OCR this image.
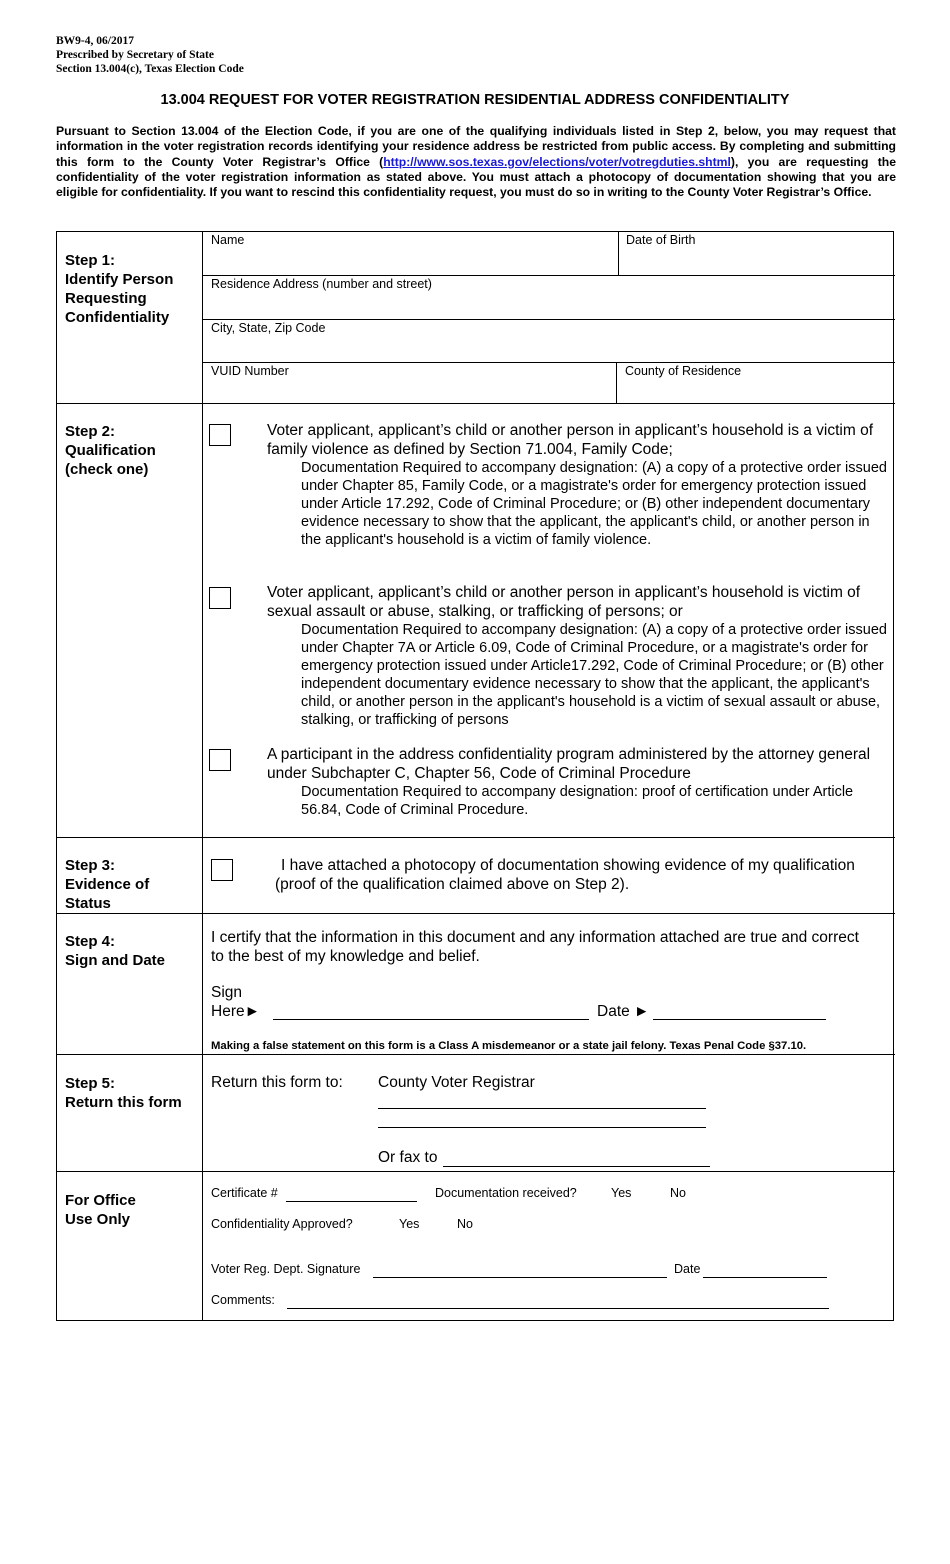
BW9-4, 06/2017
Prescribed by Secretary of State
Section 13.004(c), Texas Election Code
13.004 REQUEST FOR VOTER REGISTRATION RESIDENTIAL ADDRESS CONFIDENTIALITY
Pursuant to Section 13.004 of the Election Code, if you are one of the qualifying individuals listed in Step 2, below, you may request that information in the voter registration records identifying your residence address be restricted from public access. By completing and submitting this form to the County Voter Registrar’s Office (http://www.sos.texas.gov/elections/voter/votregduties.shtml), you are requesting the confidentiality of the voter registration information as stated above. You must attach a photocopy of documentation showing that you are eligible for confidentiality. If you want to rescind this confidentiality request, you must do so in writing to the County Voter Registrar’s Office.
Step 1:
Identify Person
Requesting
Confidentiality
Name	Date of Birth
Residence Address (number and street)
City, State, Zip Code
VUID Number	County of Residence
Step 2:
Qualification
(check one)
Voter applicant, applicant’s child or another person in applicant’s household is a victim of family violence as defined by Section 71.004, Family Code;
Documentation Required to accompany designation: (A) a copy of a protective order issued under Chapter 85, Family Code, or a magistrate's order for emergency protection issued under Article 17.292, Code of Criminal Procedure; or (B) other independent documentary evidence necessary to show that the applicant, the applicant's child, or another person in the applicant's household is a victim of family violence.
Voter applicant, applicant’s child or another person in applicant’s household is victim of sexual assault or abuse, stalking, or trafficking of persons; or
Documentation Required to accompany designation: (A) a copy of a protective order issued under Chapter 7A or Article 6.09, Code of Criminal Procedure, or a magistrate's order for emergency protection issued under Article17.292, Code of Criminal Procedure; or (B) other independent documentary evidence necessary to show that the applicant, the applicant's child, or another person in the applicant's household is a victim of sexual assault or abuse, stalking, or trafficking of persons
A participant in the address confidentiality program administered by the attorney general under Subchapter C, Chapter 56, Code of Criminal Procedure
Documentation Required to accompany designation: proof of certification under Article 56.84, Code of Criminal Procedure.
Step 3:
Evidence of
Status
I have attached a photocopy of documentation showing evidence of my qualification (proof of the qualification claimed above on Step 2).
Step 4:
Sign and Date
I certify that the information in this document and any information attached are true and correct to the best of my knowledge and belief.
Sign
Here►	Date ►
Making a false statement on this form is a Class A misdemeanor or a state jail felony. Texas Penal Code §37.10.
Step 5:
Return this form
Return this form to: County Voter Registrar
Or fax to
For Office
Use Only
Certificate #	Documentation received?	Yes	No
Confidentiality Approved?	Yes	No
Voter Reg. Dept. Signature	Date
Comments:
